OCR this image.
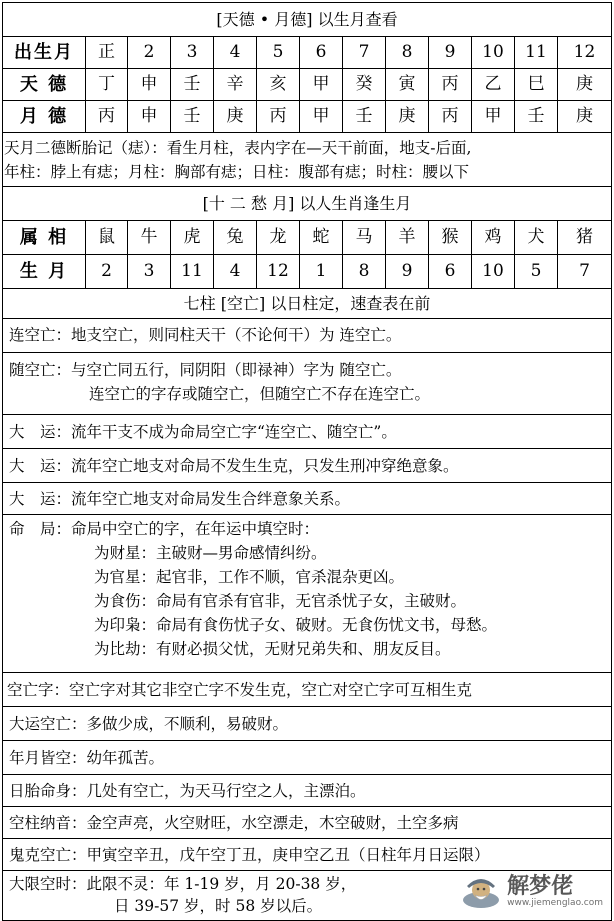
[天德 • 月德] 以生月查看
出生月	正	2	3	4	5	6	7	8	9	10	11	12
天 德	丁	申	壬	辛	亥	甲	癸	寅	丙	乙	巳	庚
月 德	丙	申	壬	庚	丙	甲	壬	庚	丙	甲	壬	庚
天月二德断胎记（痣）：看生月柱，表内字在—天干前面，地支-后面,
年柱：脖上有痣；月柱：胸部有痣；日柱：腹部有痣；时柱：腰以下
[十 二 愁 月] 以人生肖逢生月
属 相	鼠	牛	虎	兔	龙	蛇	马	羊	猴	鸡	犬	猪
生 月	2	3	11	4	12	1	8	9	6	10	5	7
七柱 [空亡] 以日柱定，速查表在前
连空亡：地支空亡，则同柱天干（不论何干）为 连空亡。
随空亡：与空亡同五行，同阴阳（即禄神）字为 随空亡。
连空亡的字存或随空亡，但随空亡不存在连空亡。
大　运：流年干支不成为命局空亡字“连空亡、随空亡”。
大　运：流年空亡地支对命局不发生生克，只发生刑冲穿绝意象。
大　运：流年空亡地支对命局发生合绊意象关系。
命　局：命局中空亡的字，在年运中填空时：
为财星：主破财—男命感情纠纷。
为官星：起官非，工作不顺，官杀混杂更凶。
为食伤：命局有官杀有官非，无官杀忧子女，主破财。
为印枭：命局有食伤忧子女、破财。无食伤忧文书，母愁。
为比劫：有财必损父忧，无财兄弟失和、朋友反目。
空亡字：空亡字对其它非空亡字不发生克，空亡对空亡字可互相生克
大运空亡：多做少成，不顺利，易破财。
年月皆空：幼年孤苦。
日胎命身：几处有空亡，为天马行空之人，主漂泊。
空柱纳音：金空声亮，火空财旺，水空漂走，木空破财，土空多病
鬼克空亡：甲寅空辛丑，戊午空丁丑，庚申空乙丑（日柱年月日运限）
大限空时：此限不灵：年 1-19 岁，月 20-38 岁，
日 39-57 岁，时 58 岁以后。
解梦佬
www.jiemenglao.com
